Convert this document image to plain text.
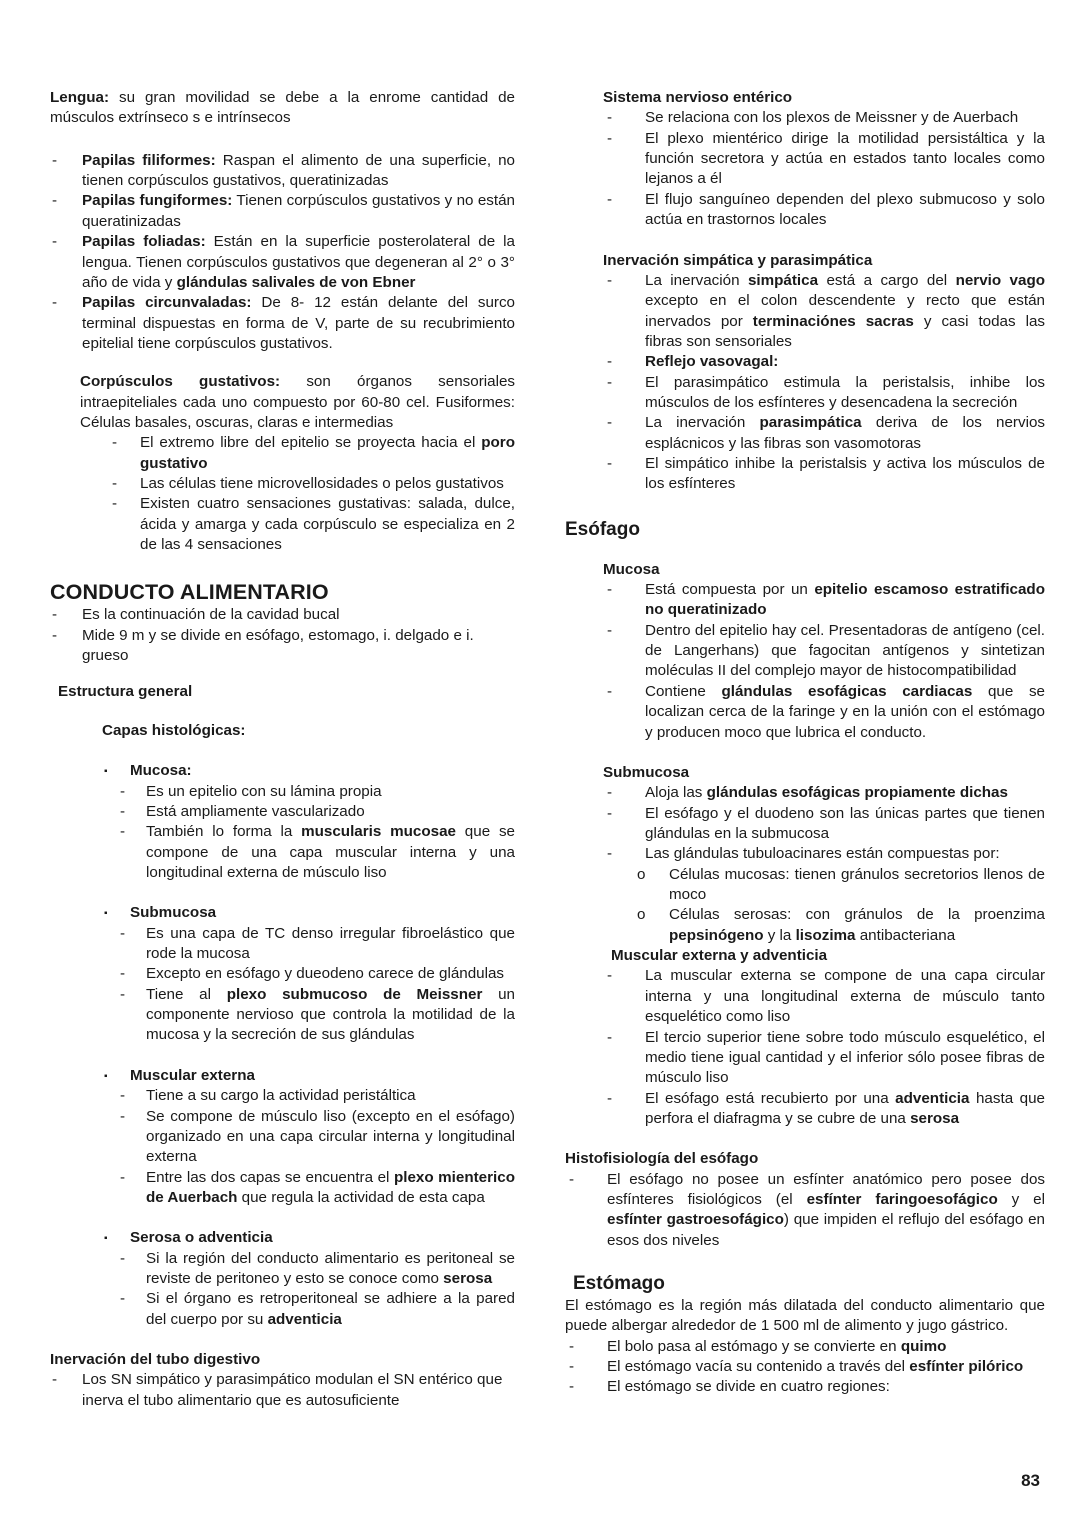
Lengua: su gran movilidad se debe a la enrome cantidad de músculos extrínseco s e intrínsecos

- Papilas filiformes: Raspan el alimento de una superficie, no tienen corpúsculos gustativos, queratinizadas
- Papilas fungiformes: Tienen corpúsculos gustativos y no están queratinizadas
- Papilas foliadas: Están en la superficie posterolateral de la lengua. Tienen corpúsculos gustativos que degeneran al 2° o 3° año de vida y glándulas salivales de von Ebner
- Papilas circunvaladas: De 8- 12 están delante del surco terminal dispuestas en forma de V, parte de su recubrimiento epitelial tiene corpúsculos gustativos.

Corpúsculos gustativos: son órganos sensoriales intraepiteliales cada uno compuesto por 60-80 cel. Fusiformes: Células basales, oscuras, claras e intermedias

- El extremo libre del epitelio se proyecta hacia el poro gustativo
- Las células tiene microvellosidades o pelos gustativos
- Existen cuatro sensaciones gustativas: salada, dulce, ácida y amarga y cada corpúsculo se especializa en 2 de las 4 sensaciones
CONDUCTO ALIMENTARIO
- Es la continuación de la cavidad bucal
- Mide 9 m y se divide en esófago, estomago, i. delgado e i. grueso
Estructura general
Capas histológicas:
▪ Mucosa:
- Es un epitelio con su lámina propia
- Está ampliamente vascularizado
- También lo forma la muscularis mucosae que se compone de una capa muscular interna y una longitudinal externa de músculo liso
▪ Submucosa
- Es una capa de TC denso irregular fibroelástico que rode la mucosa
- Excepto en esófago y dueodeno carece de glándulas
- Tiene al plexo submucoso de Meissner un componente nervioso que controla la motilidad de la mucosa y la secreción de sus glándulas
▪ Muscular externa
- Tiene a su cargo la actividad peristáltica
- Se compone de músculo liso (excepto en el esófago) organizado en una capa circular interna y longitudinal externa
- Entre las dos capas se encuentra el plexo mienterico de Auerbach que regula la actividad de esta capa
▪ Serosa o adventicia
- Si la región del conducto alimentario es peritoneal se reviste de peritoneo y esto se conoce como serosa
- Si el órgano es retroperitoneal se adhiere a la pared del cuerpo por su adventicia
Inervación del tubo digestivo
- Los SN simpático y parasimpático modulan el SN entérico que inerva el tubo alimentario que es autosuficiente
Sistema nervioso entérico
- Se relaciona con los plexos de Meissner y de Auerbach
- El plexo mientérico dirige la motilidad persistáltica y la función secretora y actúa en estados tanto locales como lejanos a él
- El flujo sanguíneo dependen del plexo submucoso y solo actúa en trastornos locales
Inervación simpática y parasimpática
- La inervación simpática está a cargo del nervio vago excepto en el colon descendente y recto que están inervados por terminaciónes sacras y casi todas las fibras son sensoriales
- Reflejo vasovagal:
- El parasimpático estimula la peristalsis, inhibe los músculos de los esfínteres y desencadena la secreción
- La inervación parasimpática deriva de los nervios esplácnicos y las fibras son vasomotoras
- El simpático inhibe la peristalsis y activa los músculos de los esfínteres
Esófago
Mucosa
- Está compuesta por un epitelio escamoso estratificado no queratinizado
- Dentro del epitelio hay cel. Presentadoras de antígeno (cel. de Langerhans) que fagocitan antígenos y sintetizan moléculas II del complejo mayor de histocompatibilidad
- Contiene glándulas esofágicas cardiacas que se localizan cerca de la faringe y en la unión con el estómago y producen moco que lubrica el conducto.
Submucosa
- Aloja las glándulas esofágicas propiamente dichas
- El esófago y el duodeno son las únicas partes que tienen glándulas en la submucosa
- Las glándulas tubuloacinares están compuestas por:
o Células mucosas: tienen gránulos secretorios llenos de moco
o Células serosas: con gránulos de la proenzima pepsinógeno y la lisozima antibacteriana
Muscular externa y adventicia
- La muscular externa se compone de una capa circular interna y una longitudinal externa de músculo tanto esquelético como liso
- El tercio superior tiene sobre todo músculo esquelético, el medio tiene igual cantidad y el inferior sólo posee fibras de músculo liso
- El esófago está recubierto por una adventicia hasta que perfora el diafragma y se cubre de una serosa
Histofisiología del esófago
- El esófago no posee un esfínter anatómico pero posee dos esfínteres fisiológicos (el esfínter faringoesofágico y el esfínter gastroesofágico) que impiden el reflujo del esófago en esos dos niveles
Estómago

El estómago es la región más dilatada del conducto alimentario que puede albergar alrededor de 1 500 ml de alimento y jugo gástrico.

- El bolo pasa al estómago y se convierte en quimo
- El estómago vacía su contenido a través del esfínter pilórico
- El estómago se divide en cuatro regiones:
83
